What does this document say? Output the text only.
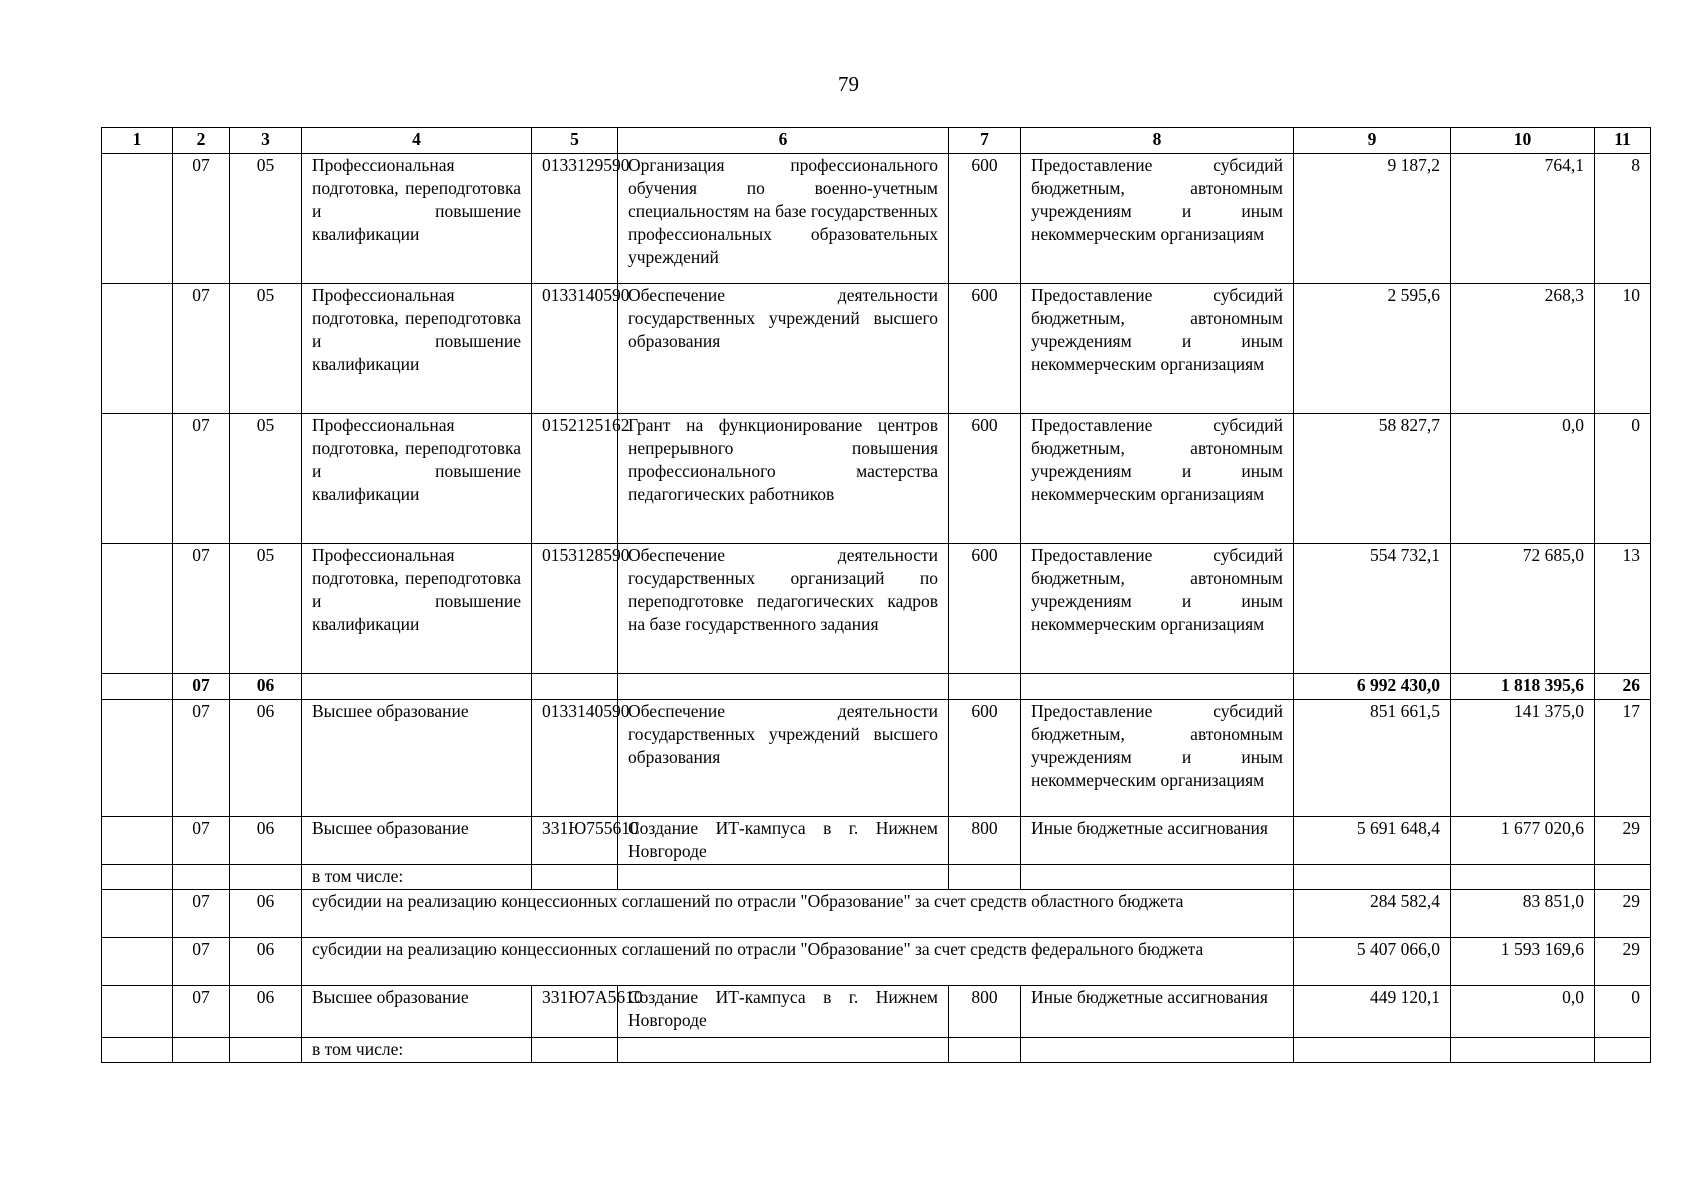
79
1	2	3	4	5	6	7	8	9	10	11
	07	05	Профессиональная подготовка, переподготовка и повышение квалификации	0133129590	Организация профессионального обучения по военно-учетным специальностям на базе государственных профессиональных образовательных учреждений	600	Предоставление субсидий бюджетным, автономным учреждениям и иным некоммерческим организациям	9 187,2	764,1	8
	07	05	Профессиональная подготовка, переподготовка и повышение квалификации	0133140590	Обеспечение деятельности государственных учреждений высшего образования	600	Предоставление субсидий бюджетным, автономным учреждениям и иным некоммерческим организациям	2 595,6	268,3	10
	07	05	Профессиональная подготовка, переподготовка и повышение квалификации	0152125162	Грант на функционирование центров непрерывного повышения профессионального мастерства педагогических работников	600	Предоставление субсидий бюджетным, автономным учреждениям и иным некоммерческим организациям	58 827,7	0,0	0
	07	05	Профессиональная подготовка, переподготовка и повышение квалификации	0153128590	Обеспечение деятельности государственных организаций по переподготовке педагогических кадров на базе государственного задания	600	Предоставление субсидий бюджетным, автономным учреждениям и иным некоммерческим организациям	554 732,1	72 685,0	13
	07	06						6 992 430,0	1 818 395,6	26
	07	06	Высшее образование	0133140590	Обеспечение деятельности государственных учреждений высшего образования	600	Предоставление субсидий бюджетным, автономным учреждениям и иным некоммерческим организациям	851 661,5	141 375,0	17
	07	06	Высшее образование	331Ю755610	Создание ИТ-кампуса в г. Нижнем Новгороде	800	Иные бюджетные ассигнования	5 691 648,4	1 677 020,6	29
			в том числе:							
	07	06	субсидии на реализацию концессионных соглашений по отрасли "Образование" за счет средств областного бюджета					284 582,4	83 851,0	29
	07	06	субсидии на реализацию концессионных соглашений по отрасли "Образование" за счет средств федерального бюджета					5 407 066,0	1 593 169,6	29
	07	06	Высшее образование	331Ю7А5610	Создание ИТ-кампуса в г. Нижнем Новгороде	800	Иные бюджетные ассигнования	449 120,1	0,0	0
			в том числе:							
